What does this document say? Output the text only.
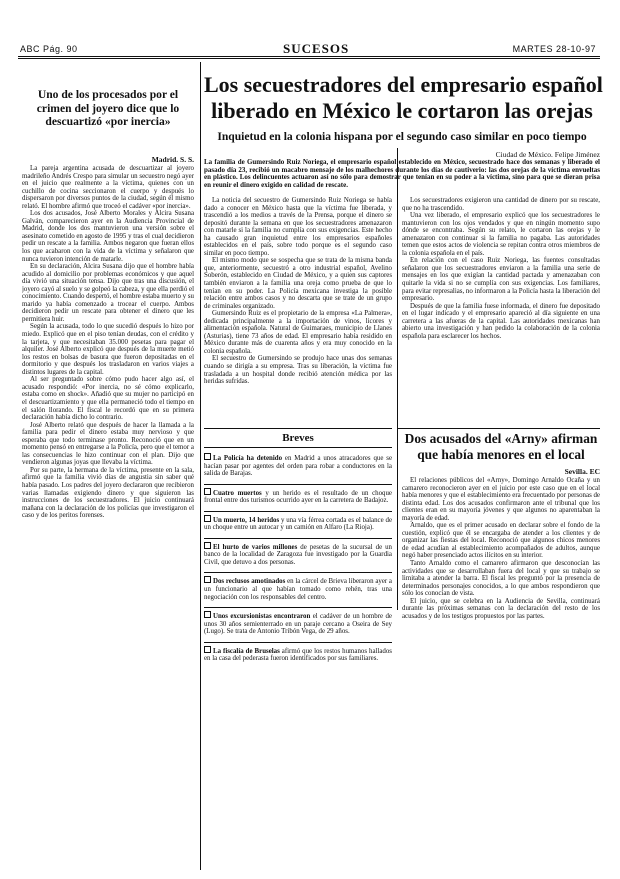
ABC Pág. 90	SUCESOS	MARTES 28-10-97
Uno de los procesados por el crimen del joyero dice que lo descuartizó «por inercia»
Madrid. S. S.

La pareja argentina acusada de descuartizar al joyero madrileño Andrés Crespo para simular un secuestro negó ayer en el juicio que realmente a la víctima, quienes con un cuchillo de cocina seccionaron el cuerpo y después lo dispersaron por diversos puntos de la ciudad, según él mismo relató. El hombre afirmó que troceó el cadáver «por inercia».

Los dos acusados, José Alberto Morales y Alcira Susana Galván, comparecieron ayer en la Audiencia Provincial de Madrid, donde los dos mantuvieron una versión sobre el asesinato cometido en agosto de 1995 y tras el cual decidieron pedir un rescate a la familia. Ambos negaron que fueran ellos los que acabaron con la vida de la víctima y señalaron que nunca tuvieron intención de matarle.

En su declaración, Alcira Susana dijo que el hombre había acudido al domicilio por problemas económicos y que aquel día vivió una situación tensa. Dijo que tras una discusión, el joyero cayó al suelo y se golpeó la cabeza, y que ella perdió el conocimiento. Cuando despertó, el hombre estaba muerto y su marido ya había comenzado a trocear el cuerpo. Ambos decidieron pedir un rescate para obtener el dinero que les permitiera huir.

Según la acusada, todo lo que sucedió después lo hizo por miedo. Explicó que en el piso tenían deudas, con el crédito y la tarjeta, y que necesitaban 35.000 pesetas para pagar el alquiler. José Alberto explicó que después de la muerte metió los restos en bolsas de basura que fueron depositadas en el dormitorio y que después los trasladaron en varios viajes a distintos lugares de la capital.

Al ser preguntado sobre cómo pudo hacer algo así, el acusado respondió: «Por inercia, no sé cómo explicarlo, estaba como en shock». Añadió que su mujer no participó en el descuartizamiento y que ella permaneció todo el tiempo en el salón llorando. El fiscal le recordó que en su primera declaración había dicho lo contrario.

José Alberto relató que después de hacer la llamada a la familia para pedir el dinero estaba muy nervioso y que esperaba que todo terminase pronto. Reconoció que en un momento pensó en entregarse a la Policía, pero que el temor a las consecuencias le hizo continuar con el plan. Dijo que vendieron algunas joyas que llevaba la víctima.

Por su parte, la hermana de la víctima, presente en la sala, afirmó que la familia vivió días de angustia sin saber qué había pasado. Los padres del joyero declararon que recibieron varias llamadas exigiendo dinero y que siguieron las instrucciones de los secuestradores. El juicio continuará mañana con la declaración de los policías que investigaron el caso y de los peritos forenses.

Los secuestradores del empresario español
liberado en México le cortaron las orejas
Inquietud en la colonia hispana por el segundo caso similar en poco tiempo
Ciudad de México. Felipe Jiménez

La familia de Gumersindo Ruiz Noriega, el empresario español establecido en México, secuestrado hace dos semanas y liberado el pasado día 23, recibió un macabro mensaje de los malhechores durante los días de cautiverio: las dos orejas de la víctima envueltas en plástico. Los delincuentes actuaron así no sólo para demostrar que tenían en su poder a la víctima, sino para que se dieran prisa en reunir el dinero exigido en calidad de rescate.

La noticia del secuestro de Gumersindo Ruiz Noriega se había dado a conocer en México hasta que la víctima fue liberada, y trascendió a los medios a través de la Prensa, porque el dinero se depositó durante la semana en que los secuestradores amenazaron con matarle si la familia no cumplía con sus exigencias. Este hecho ha causado gran inquietud entre los empresarios españoles establecidos en el país, sobre todo porque es el segundo caso similar en poco tiempo.

El mismo modo que se sospecha que se trata de la misma banda que, anteriormente, secuestró a otro industrial español, Avelino Soberón, establecido en Ciudad de México, y a quien sus captores también enviaron a la familia una oreja como prueba de que lo tenían en su poder. La Policía mexicana investiga la posible relación entre ambos casos y no descarta que se trate de un grupo de criminales organizado.

Gumersindo Ruiz es el propietario de la empresa «La Palmera», dedicada principalmente a la importación de vinos, licores y alimentación española. Natural de Guimaraes, municipio de Llanes (Asturias), tiene 73 años de edad. El empresario había residido en México durante más de cuarenta años y era muy conocido en la colonia española.

El secuestro de Gumersindo se produjo hace unas dos semanas cuando se dirigía a su empresa. Tras su liberación, la víctima fue trasladada a un hospital donde recibió atención médica por las heridas sufridas.

Los secuestradores exigieron una cantidad de dinero por su rescate, que no ha trascendido.

Una vez liberado, el empresario explicó que los secuestradores le mantuvieron con los ojos vendados y que en ningún momento supo dónde se encontraba. Según su relato, le cortaron las orejas y le amenazaron con continuar si la familia no pagaba. Las autoridades temen que estos actos de violencia se repitan contra otros miembros de la colonia española en el país.

En relación con el caso Ruiz Noriega, las fuentes consultadas señalaron que los secuestradores enviaron a la familia una serie de mensajes en los que exigían la cantidad pactada y amenazaban con quitarle la vida si no se cumplía con sus exigencias. Los familiares, para evitar represalias, no informaron a la Policía hasta la liberación del empresario.

Después de que la familia fuese informada, el dinero fue depositado en el lugar indicado y el empresario apareció al día siguiente en una carretera a las afueras de la capital. Las autoridades mexicanas han abierto una investigación y han pedido la colaboración de la colonia española para esclarecer los hechos.

Breves
La Policía ha detenido en Madrid a unos atracadores que se hacían pasar por agentes del orden para robar a conductores en la salida de Barajas.
Cuatro muertos y un herido es el resultado de un choque frontal entre dos turismos ocurrido ayer en la carretera de Badajoz.
Un muerto, 14 heridos y una vía férrea cortada es el balance de un choque entre un autocar y un camión en Alfaro (La Rioja).
El hurto de varios millones de pesetas de la sucursal de un banco de la localidad de Zaragoza fue investigado por la Guardia Civil, que detuvo a dos personas.
Dos reclusos amotinados en la cárcel de Brieva liberaron ayer a un funcionario al que habían tomado como rehén, tras una negociación con los responsables del centro.
Unos excursionistas encontraron el cadáver de un hombre de unos 30 años semienterrado en un paraje cercano a Oseira de Sey (Lugo). Se trata de Antonio Tribón Vega, de 29 años.
La fiscalía de Bruselas afirmó que los restos humanos hallados en la casa del pederasta fueron identificados por sus familiares.
Dos acusados del «Arny» afirman que había menores en el local
Sevilla. EC

El relaciones públicos del «Arny», Domingo Arnaldo Ocaña y un camarero reconocieron ayer en el juicio por este caso que en el local había menores y que el establecimiento era frecuentado por personas de distinta edad. Los dos acusados confirmaron ante el tribunal que los clientes eran en su mayoría jóvenes y que algunos no aparentaban la mayoría de edad.

Arnaldo, que es el primer acusado en declarar sobre el fondo de la cuestión, explicó que él se encargaba de atender a los clientes y de organizar las fiestas del local. Reconoció que algunos chicos menores de edad acudían al establecimiento acompañados de adultos, aunque negó haber presenciado actos ilícitos en su interior.

Tanto Arnaldo como el camarero afirmaron que desconocían las actividades que se desarrollaban fuera del local y que su trabajo se limitaba a atender la barra. El fiscal les preguntó por la presencia de determinados personajes conocidos, a lo que ambos respondieron que sólo los conocían de vista.

El juicio, que se celebra en la Audiencia de Sevilla, continuará durante las próximas semanas con la declaración del resto de los acusados y de los testigos propuestos por las partes.
